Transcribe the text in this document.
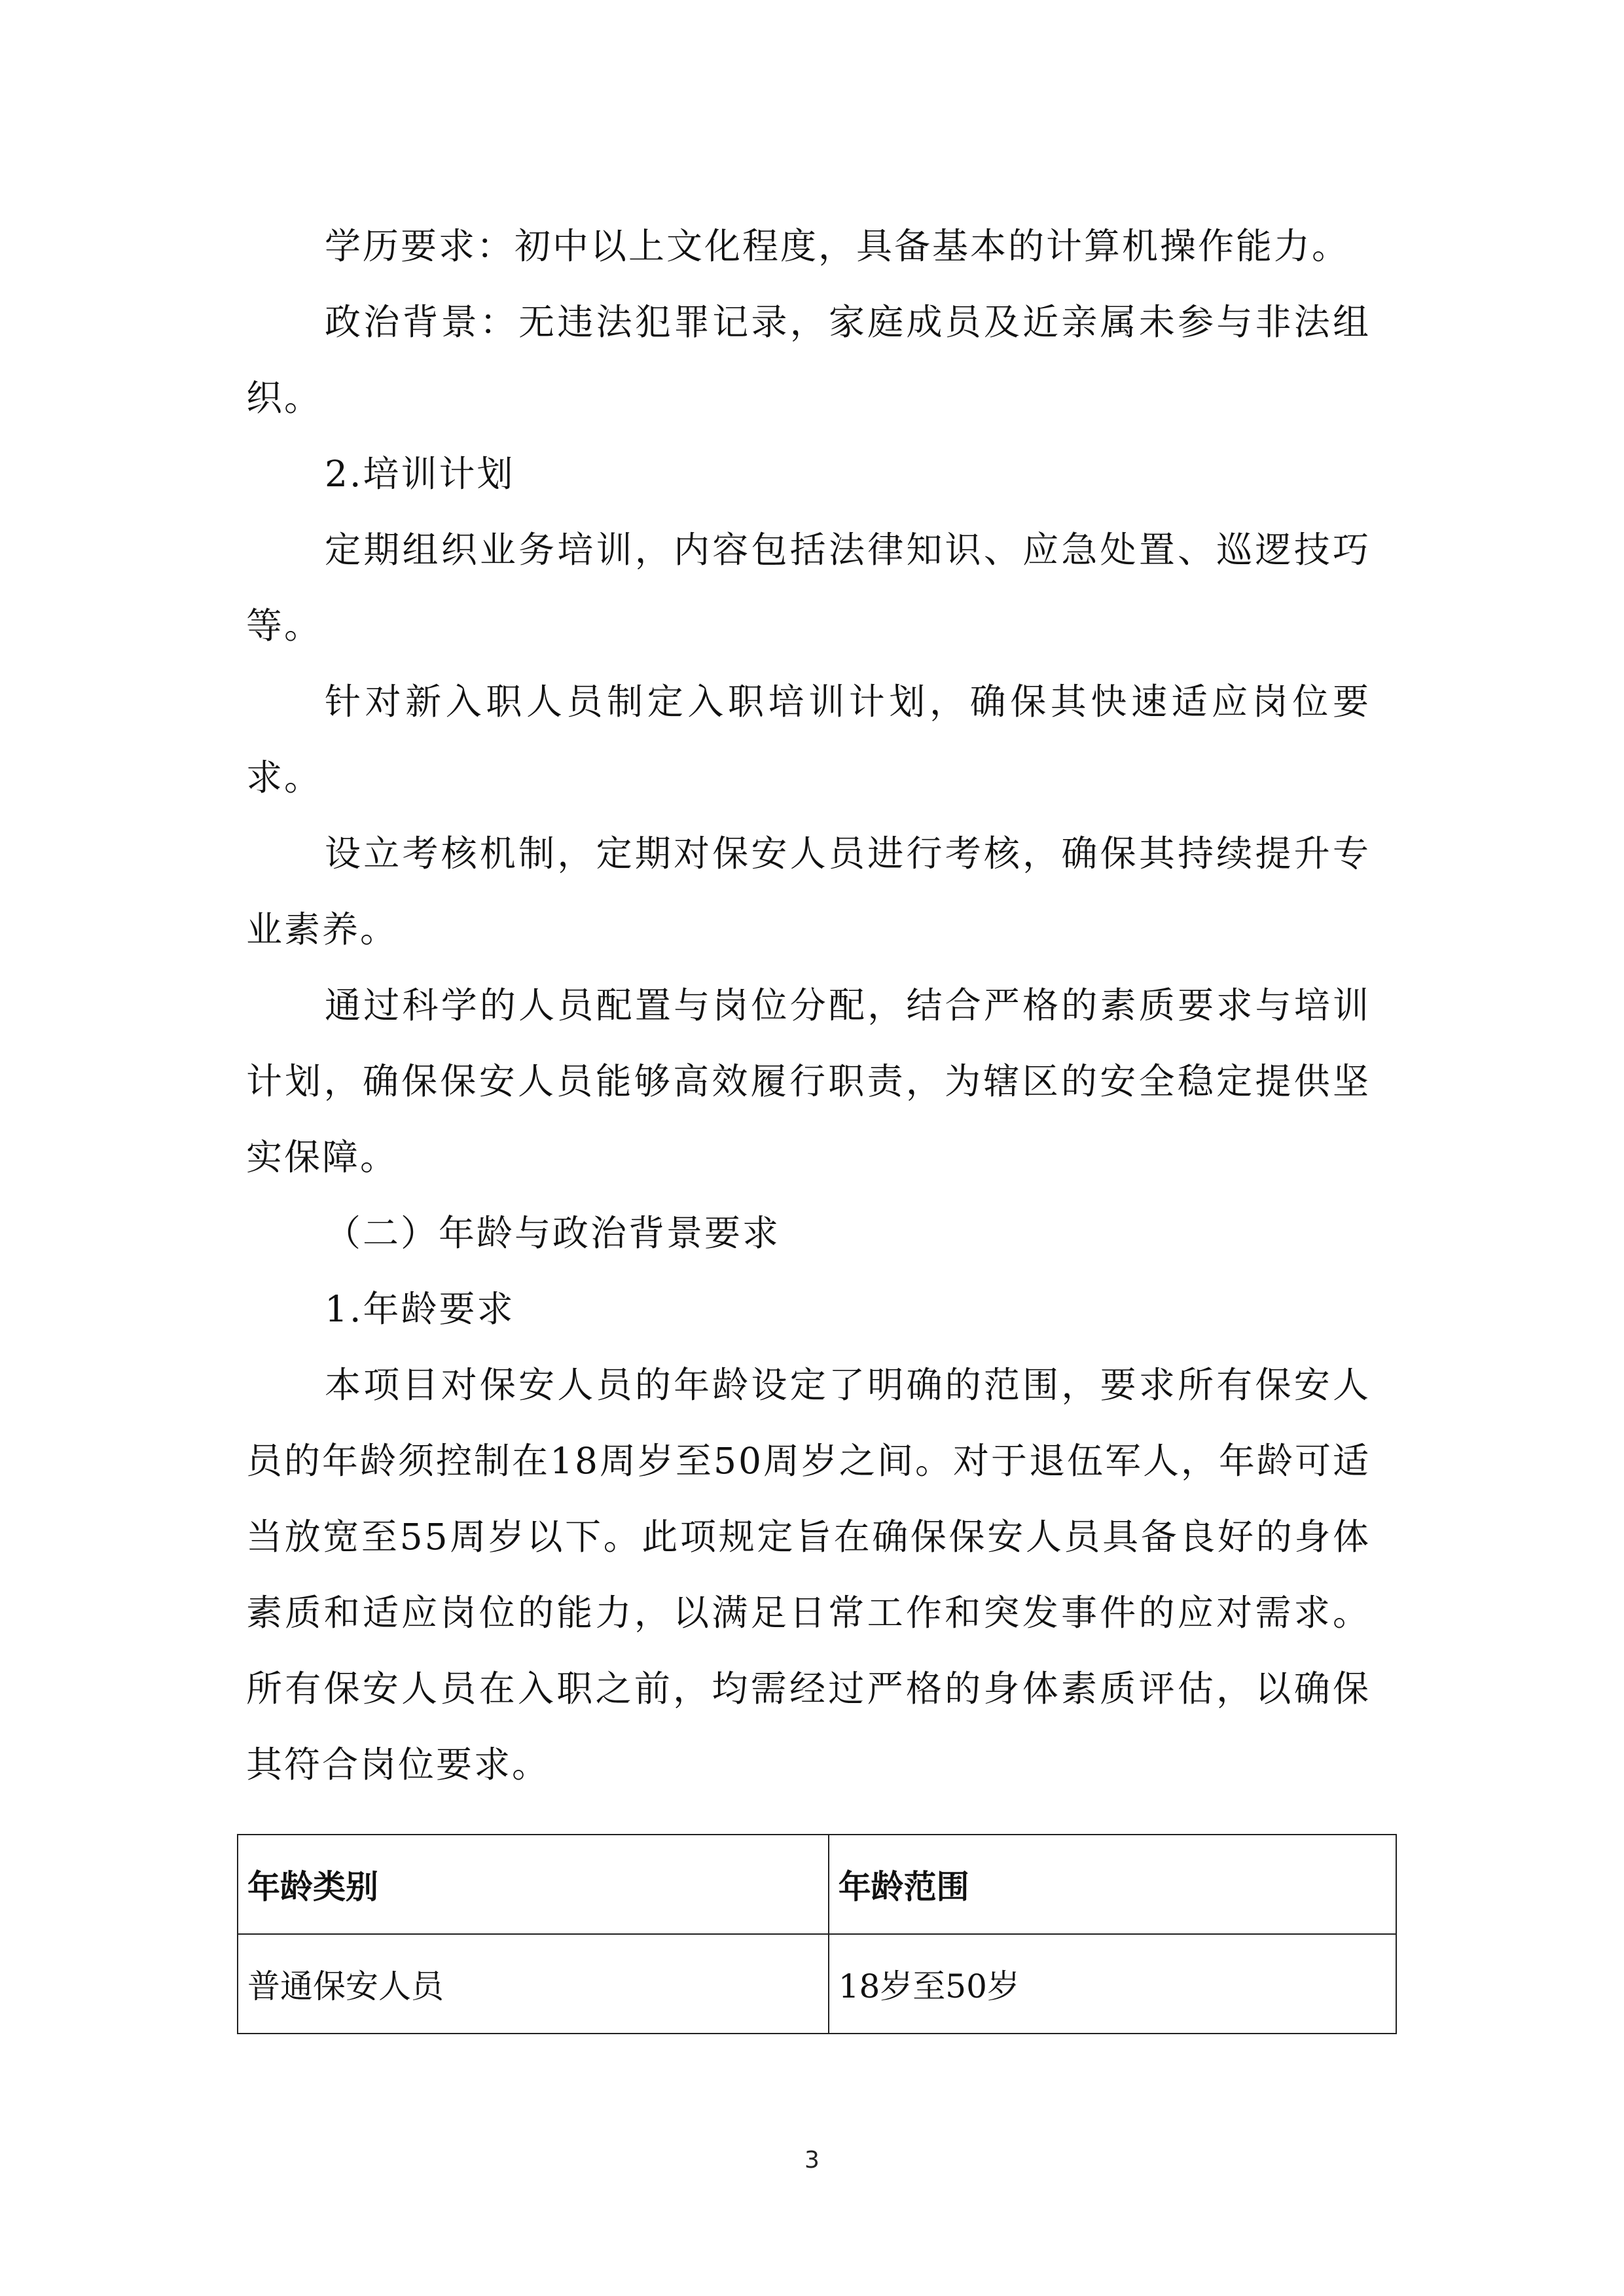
学历要求：初中以上文化程度，具备基本的计算机操作能力。

政治背景：无违法犯罪记录，家庭成员及近亲属未参与非法组织。

2.培训计划

定期组织业务培训，内容包括法律知识、应急处置、巡逻技巧等。

针对新入职人员制定入职培训计划，确保其快速适应岗位要求。

设立考核机制，定期对保安人员进行考核，确保其持续提升专业素养。

通过科学的人员配置与岗位分配，结合严格的素质要求与培训计划，确保保安人员能够高效履行职责，为辖区的安全稳定提供坚实保障。

（二）年龄与政治背景要求

1.年龄要求

本项目对保安人员的年龄设定了明确的范围，要求所有保安人员的年龄须控制在18周岁至50周岁之间。对于退伍军人，年龄可适当放宽至55周岁以下。此项规定旨在确保保安人员具备良好的身体素质和适应岗位的能力，以满足日常工作和突发事件的应对需求。所有保安人员在入职之前，均需经过严格的身体素质评估，以确保其符合岗位要求。

年龄类别	年龄范围
普通保安人员	18岁至50岁
3
